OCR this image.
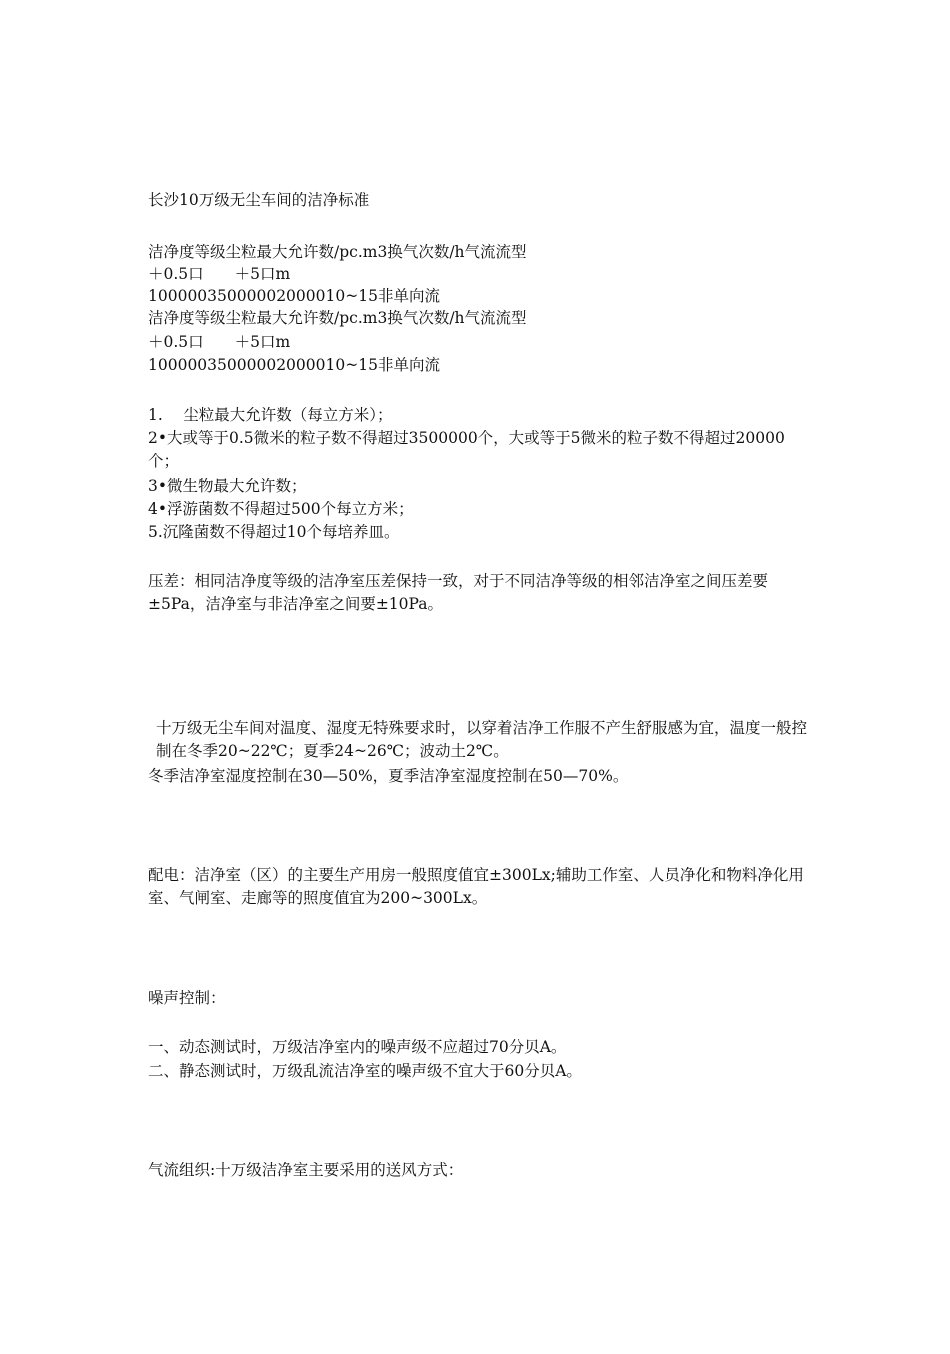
长沙10万级无尘车间的洁净标准
洁净度等级尘粒最大允许数/pc.m3换气次数/h气流流型
＋0.5口　　＋5口m
10000035000002000010~15非单向流
洁净度等级尘粒最大允许数/pc.m3换气次数/h气流流型
＋0.5口　　＋5口m
10000035000002000010~15非单向流
1.　 尘粒最大允许数（每立方米）；
2•大或等于0.5微米的粒子数不得超过3500000个，大或等于5微米的粒子数不得超过20000个；
3•微生物最大允许数；
4•浮游菌数不得超过500个每立方米；
5.沉隆菌数不得超过10个每培养皿。
压差：相同洁净度等级的洁净室压差保持一致，对于不同洁净等级的相邻洁净室之间压差要±5Pa，洁净室与非洁净室之间要±10Pa。
十万级无尘车间对温度、湿度无特殊要求时，以穿着洁净工作服不产生舒服感为宜，温度一般控制在冬季20~22℃；夏季24~26℃；波动土2℃。
冬季洁净室湿度控制在30—50%，夏季洁净室湿度控制在50—70%。
配电：洁净室（区）的主要生产用房一般照度值宜±300Lx;辅助工作室、人员净化和物料净化用室、气闸室、走廊等的照度值宜为200~300Lx。
噪声控制：
一、动态测试时，万级洁净室内的噪声级不应超过70分贝A。
二、静态测试时，万级乱流洁净室的噪声级不宜大于60分贝A。
气流组织:十万级洁净室主要采用的送风方式：
